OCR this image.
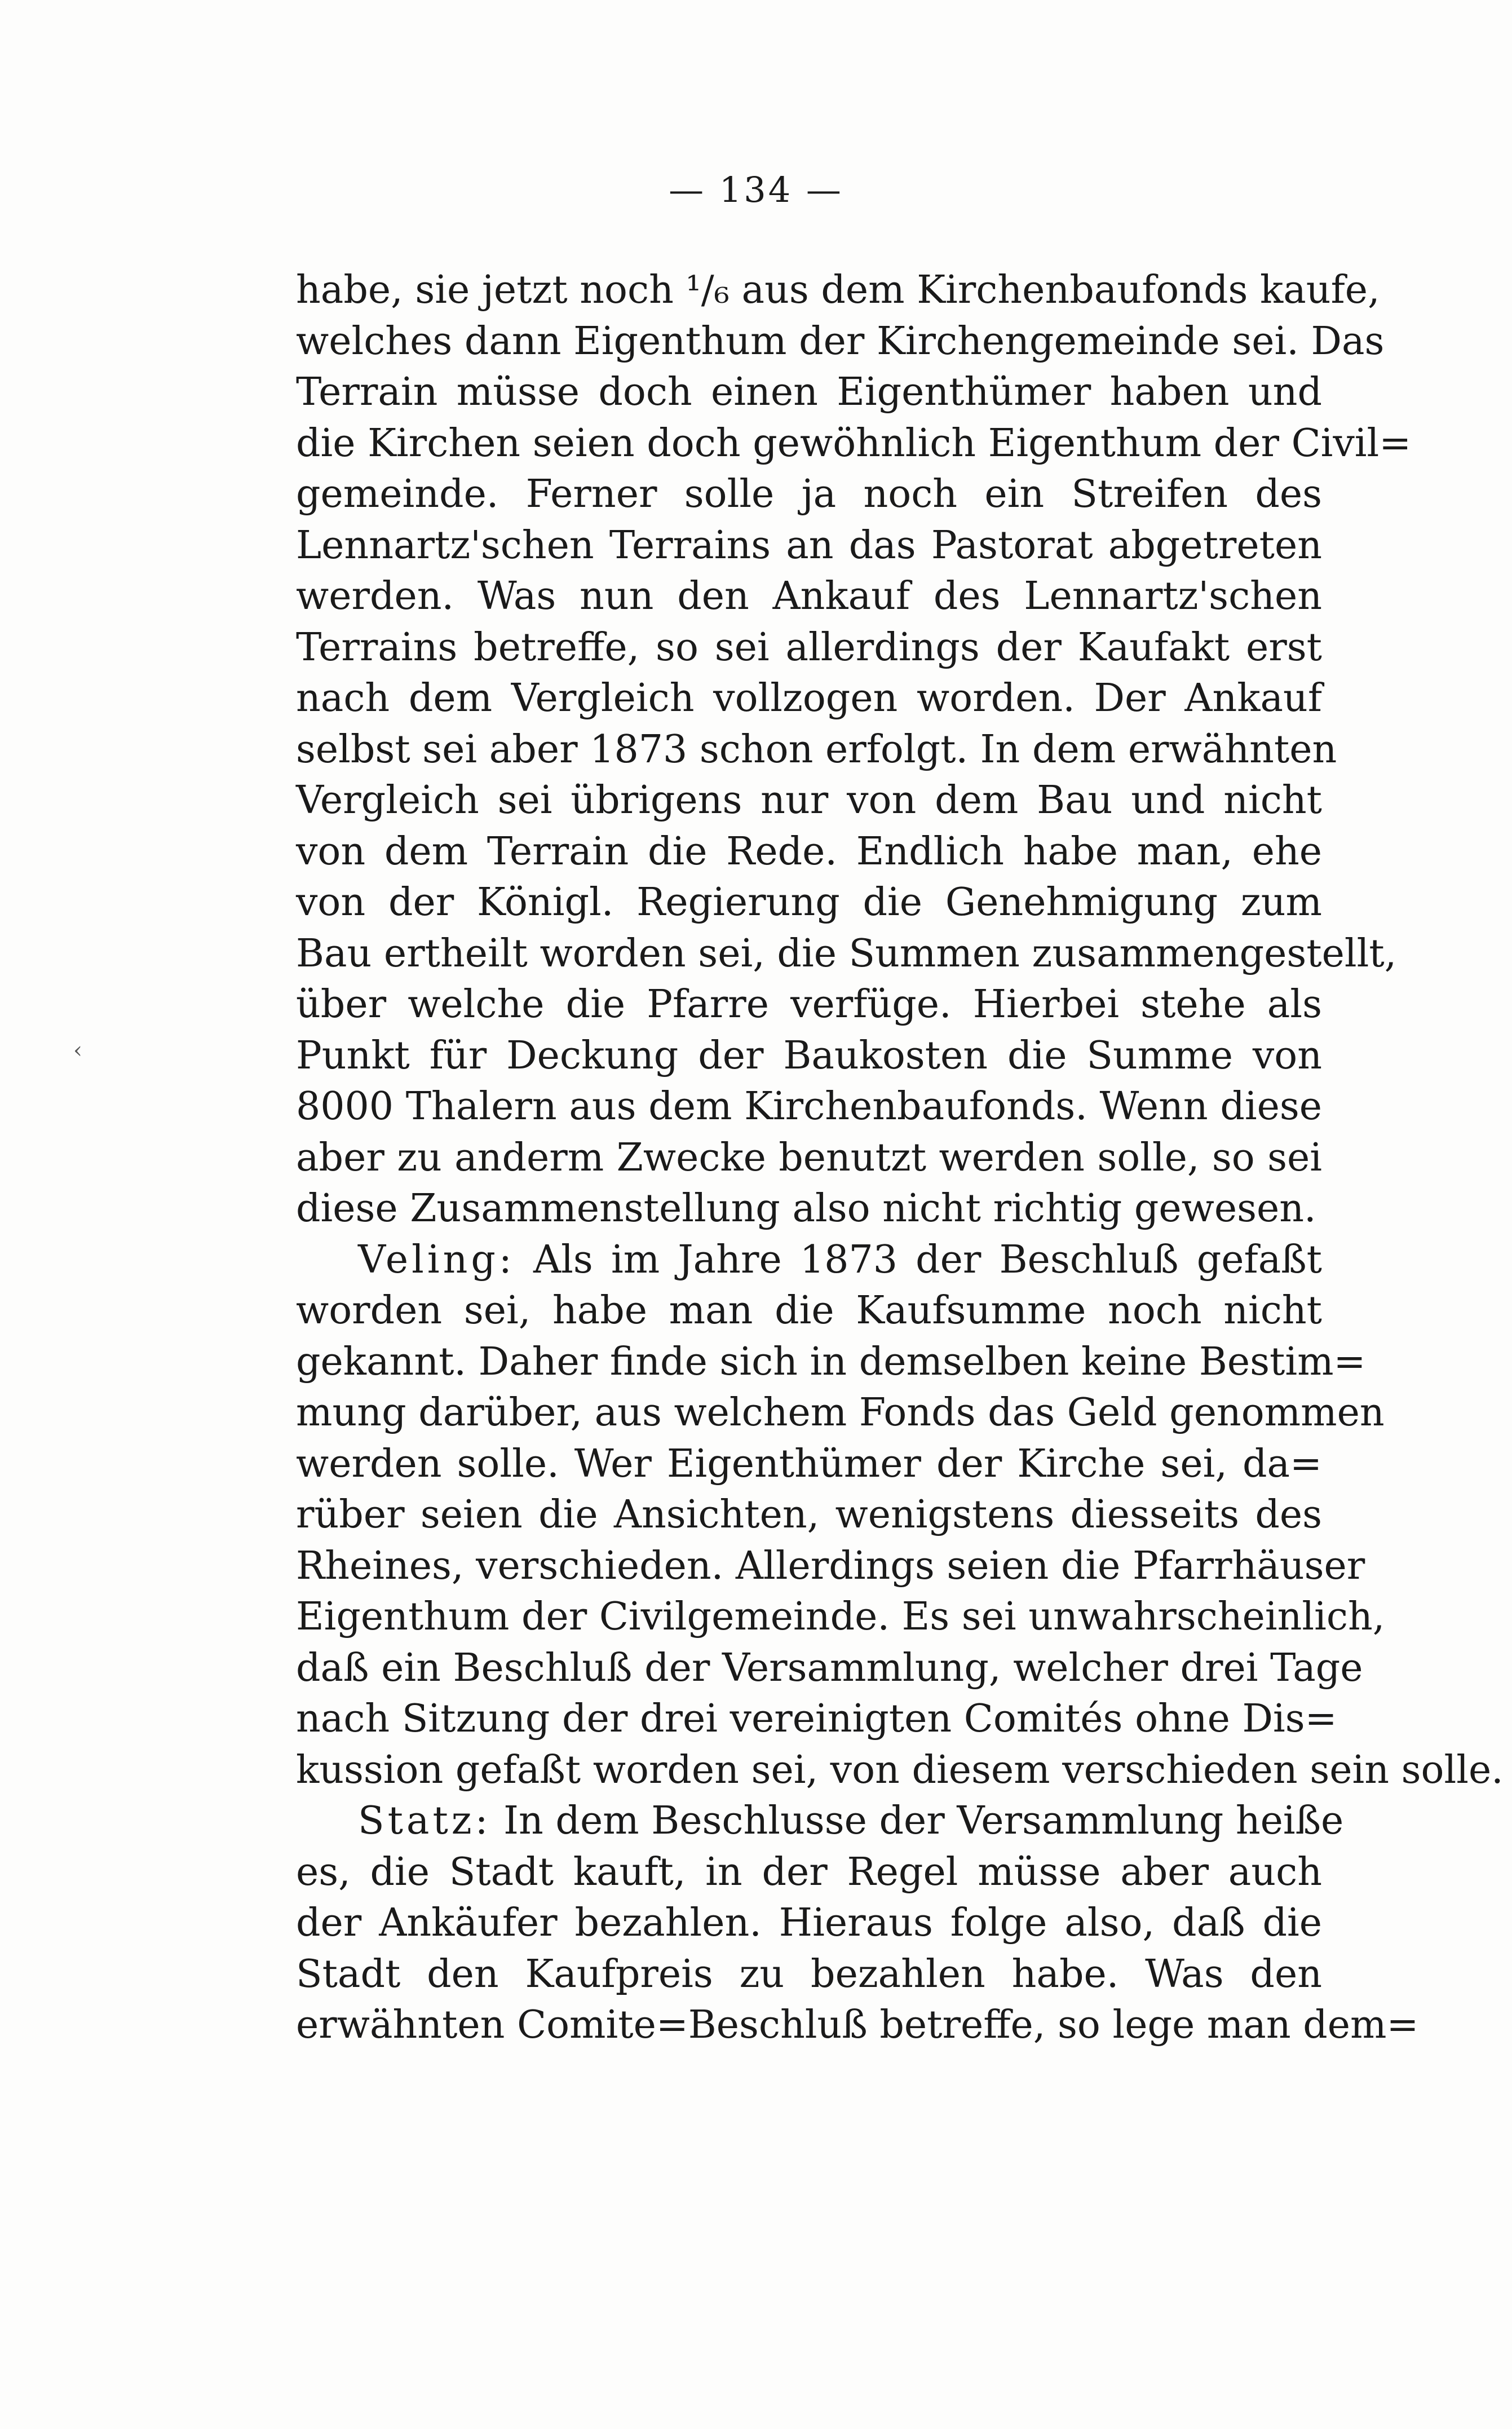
— 134 —
‹
habe, sie jetzt noch ¹/₆ aus dem Kirchenbaufonds kaufe,
welches dann Eigenthum der Kirchengemeinde sei. Das
Terrain müsse doch einen Eigenthümer haben und
die Kirchen seien doch gewöhnlich Eigenthum der Civil=
gemeinde. Ferner solle ja noch ein Streifen des
Lennartz'schen Terrains an das Pastorat abgetreten
werden. Was nun den Ankauf des Lennartz'schen
Terrains betreffe, so sei allerdings der Kaufakt erst
nach dem Vergleich vollzogen worden. Der Ankauf
selbst sei aber 1873 schon erfolgt. In dem erwähnten
Vergleich sei übrigens nur von dem Bau und nicht
von dem Terrain die Rede. Endlich habe man, ehe
von der Königl. Regierung die Genehmigung zum
Bau ertheilt worden sei, die Summen zusammengestellt,
über welche die Pfarre verfüge. Hierbei stehe als
Punkt für Deckung der Baukosten die Summe von
8000 Thalern aus dem Kirchenbaufonds. Wenn diese
aber zu anderm Zwecke benutzt werden solle, so sei
diese Zusammenstellung also nicht richtig gewesen.
Veling: Als im Jahre 1873 der Beschluß gefaßt
worden sei, habe man die Kaufsumme noch nicht
gekannt. Daher finde sich in demselben keine Bestim=
mung darüber, aus welchem Fonds das Geld genommen
werden solle. Wer Eigenthümer der Kirche sei, da=
rüber seien die Ansichten, wenigstens diesseits des
Rheines, verschieden. Allerdings seien die Pfarrhäuser
Eigenthum der Civilgemeinde. Es sei unwahrscheinlich,
daß ein Beschluß der Versammlung, welcher drei Tage
nach Sitzung der drei vereinigten Comités ohne Dis=
kussion gefaßt worden sei, von diesem verschieden sein solle.
Statz: In dem Beschlusse der Versammlung heiße
es, die Stadt kauft, in der Regel müsse aber auch
der Ankäufer bezahlen. Hieraus folge also, daß die
Stadt den Kaufpreis zu bezahlen habe. Was den
erwähnten Comite=Beschluß betreffe, so lege man dem=
